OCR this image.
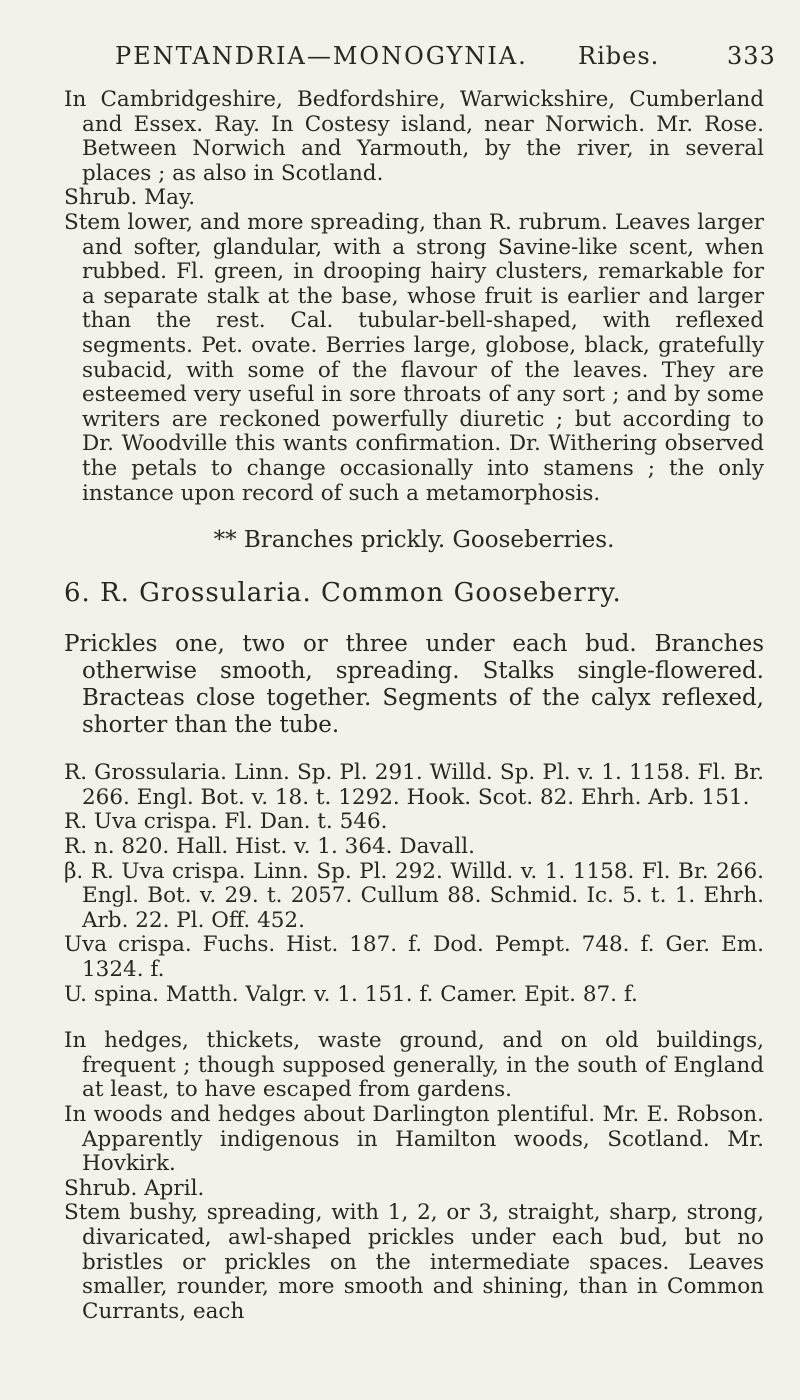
PENTANDRIA—MONOGYNIA. Ribes.	333

In Cambridgeshire, Bedfordshire, Warwickshire, Cumberland and Essex. Ray. In Costesy island, near Norwich. Mr. Rose. Between Norwich and Yarmouth, by the river, in several places ; as also in Scotland.

Shrub. May.

Stem lower, and more spreading, than R. rubrum. Leaves larger and softer, glandular, with a strong Savine-like scent, when rubbed. Fl. green, in drooping hairy clusters, remarkable for a separate stalk at the base, whose fruit is earlier and larger than the rest. Cal. tubular-bell-shaped, with reflexed segments. Pet. ovate. Berries large, globose, black, gratefully subacid, with some of the flavour of the leaves. They are esteemed very useful in sore throats of any sort ; and by some writers are reckoned powerfully diuretic ; but according to Dr. Woodville this wants confirmation. Dr. Withering observed the petals to change occasionally into stamens ; the only instance upon record of such a metamorphosis.

** Branches prickly. Gooseberries.

6. R. Grossularia. Common Gooseberry.

Prickles one, two or three under each bud. Branches otherwise smooth, spreading. Stalks single-flowered. Bracteas close together. Segments of the calyx reflexed, shorter than the tube.

R. Grossularia. Linn. Sp. Pl. 291. Willd. Sp. Pl. v. 1. 1158. Fl. Br. 266. Engl. Bot. v. 18. t. 1292. Hook. Scot. 82. Ehrh. Arb. 151.

R. Uva crispa. Fl. Dan. t. 546.

R. n. 820. Hall. Hist. v. 1. 364. Davall.

β. R. Uva crispa. Linn. Sp. Pl. 292. Willd. v. 1. 1158. Fl. Br. 266. Engl. Bot. v. 29. t. 2057. Cullum 88. Schmid. Ic. 5. t. 1. Ehrh. Arb. 22. Pl. Off. 452.

Uva crispa. Fuchs. Hist. 187. f. Dod. Pempt. 748. f. Ger. Em. 1324. f.

U. spina. Matth. Valgr. v. 1. 151. f. Camer. Epit. 87. f.

In hedges, thickets, waste ground, and on old buildings, frequent ; though supposed generally, in the south of England at least, to have escaped from gardens.

In woods and hedges about Darlington plentiful. Mr. E. Robson. Apparently indigenous in Hamilton woods, Scotland. Mr. Hovkirk.

Shrub. April.

Stem bushy, spreading, with 1, 2, or 3, straight, sharp, strong, divaricated, awl-shaped prickles under each bud, but no bristles or prickles on the intermediate spaces. Leaves smaller, rounder, more smooth and shining, than in Common Currants, each
